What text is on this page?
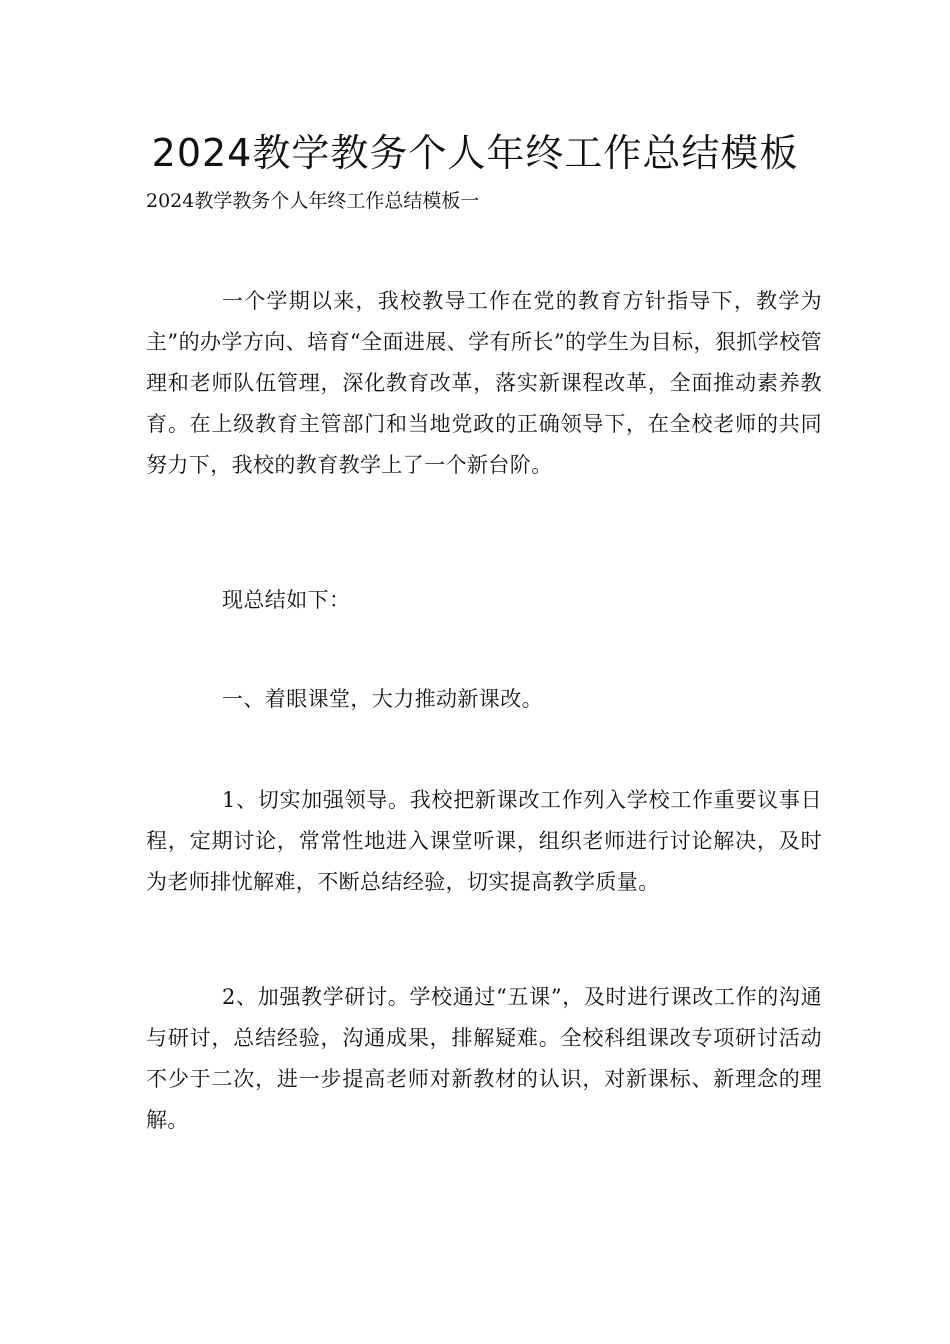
2024教学教务个人年终工作总结模板

2024教学教务个人年终工作总结模板一

一个学期以来，我校教导工作在党的教育方针指导下，教学为主”的办学方向、培育“全面进展、学有所长”的学生为目标，狠抓学校管理和老师队伍管理，深化教育改革，落实新课程改革，全面推动素养教育。在上级教育主管部门和当地党政的正确领导下，在全校老师的共同努力下，我校的教育教学上了一个新台阶。

现总结如下：

一、着眼课堂，大力推动新课改。

1、切实加强领导。我校把新课改工作列入学校工作重要议事日程，定期讨论，常常性地进入课堂听课，组织老师进行讨论解决，及时为老师排忧解难，不断总结经验，切实提高教学质量。

2、加强教学研讨。学校通过“五课”，及时进行课改工作的沟通与研讨，总结经验，沟通成果，排解疑难。全校科组课改专项研讨活动不少于二次，进一步提高老师对新教材的认识，对新课标、新理念的理解。
